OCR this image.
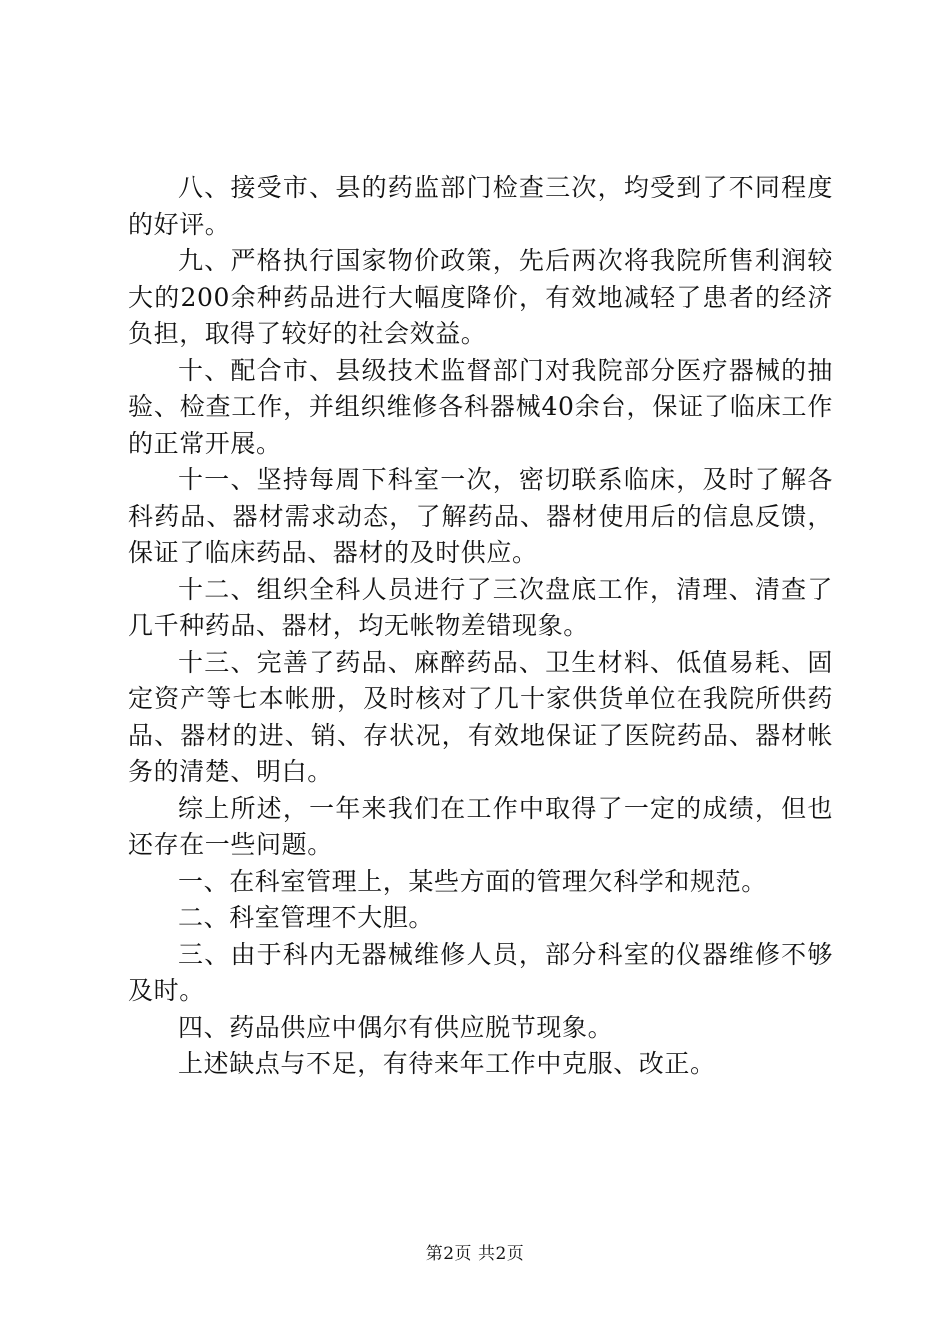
八、接受市、县的药监部门检查三次，均受到了不同程度的好评。

九、严格执行国家物价政策，先后两次将我院所售利润较大的200余种药品进行大幅度降价，有效地减轻了患者的经济负担，取得了较好的社会效益。

十、配合市、县级技术监督部门对我院部分医疗器械的抽验、检查工作，并组织维修各科器械40余台，保证了临床工作的正常开展。

十一、坚持每周下科室一次，密切联系临床，及时了解各科药品、器材需求动态，了解药品、器材使用后的信息反馈，保证了临床药品、器材的及时供应。

十二、组织全科人员进行了三次盘底工作，清理、清查了几千种药品、器材，均无帐物差错现象。

十三、完善了药品、麻醉药品、卫生材料、低值易耗、固定资产等七本帐册，及时核对了几十家供货单位在我院所供药品、器材的进、销、存状况，有效地保证了医院药品、器材帐务的清楚、明白。

综上所述，一年来我们在工作中取得了一定的成绩，但也还存在一些问题。

一、在科室管理上，某些方面的管理欠科学和规范。

二、科室管理不大胆。

三、由于科内无器械维修人员，部分科室的仪器维修不够及时。

四、药品供应中偶尔有供应脱节现象。

上述缺点与不足，有待来年工作中克服、改正。

第2页 共2页
